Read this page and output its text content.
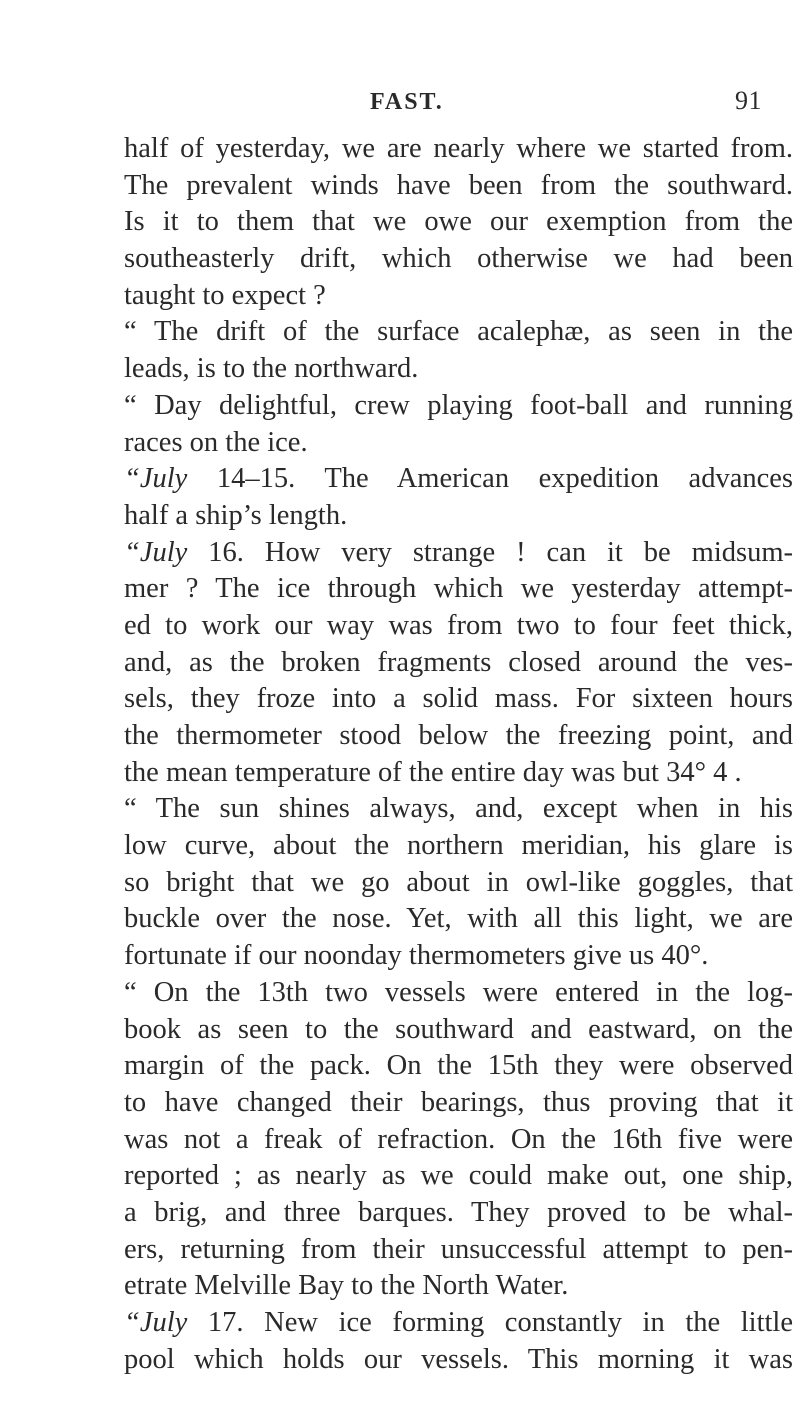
FAST.	91
half of yesterday, we are nearly where we started from.
The prevalent winds have been from the southward.
Is it to them that we owe our exemption from the
southeasterly drift, which otherwise we had been
taught to expect ?
“ The drift of the surface acalephæ, as seen in the
leads, is to the northward.
“ Day delightful, crew playing foot-ball and running
races on the ice.
“July 14–15. The American expedition advances
half a ship’s length.
“July 16. How very strange ! can it be midsum-
mer ? The ice through which we yesterday attempt-
ed to work our way was from two to four feet thick,
and, as the broken fragments closed around the ves-
sels, they froze into a solid mass. For sixteen hours
the thermometer stood below the freezing point, and
the mean temperature of the entire day was but 34° 4 .
“ The sun shines always, and, except when in his
low curve, about the northern meridian, his glare is
so bright that we go about in owl-like goggles, that
buckle over the nose. Yet, with all this light, we are
fortunate if our noonday thermometers give us 40°.
“ On the 13th two vessels were entered in the log-
book as seen to the southward and eastward, on the
margin of the pack. On the 15th they were observed
to have changed their bearings, thus proving that it
was not a freak of refraction. On the 16th five were
reported ; as nearly as we could make out, one ship,
a brig, and three barques. They proved to be whal-
ers, returning from their unsuccessful attempt to pen-
etrate Melville Bay to the North Water.
“July 17. New ice forming constantly in the little
pool which holds our vessels. This morning it was
